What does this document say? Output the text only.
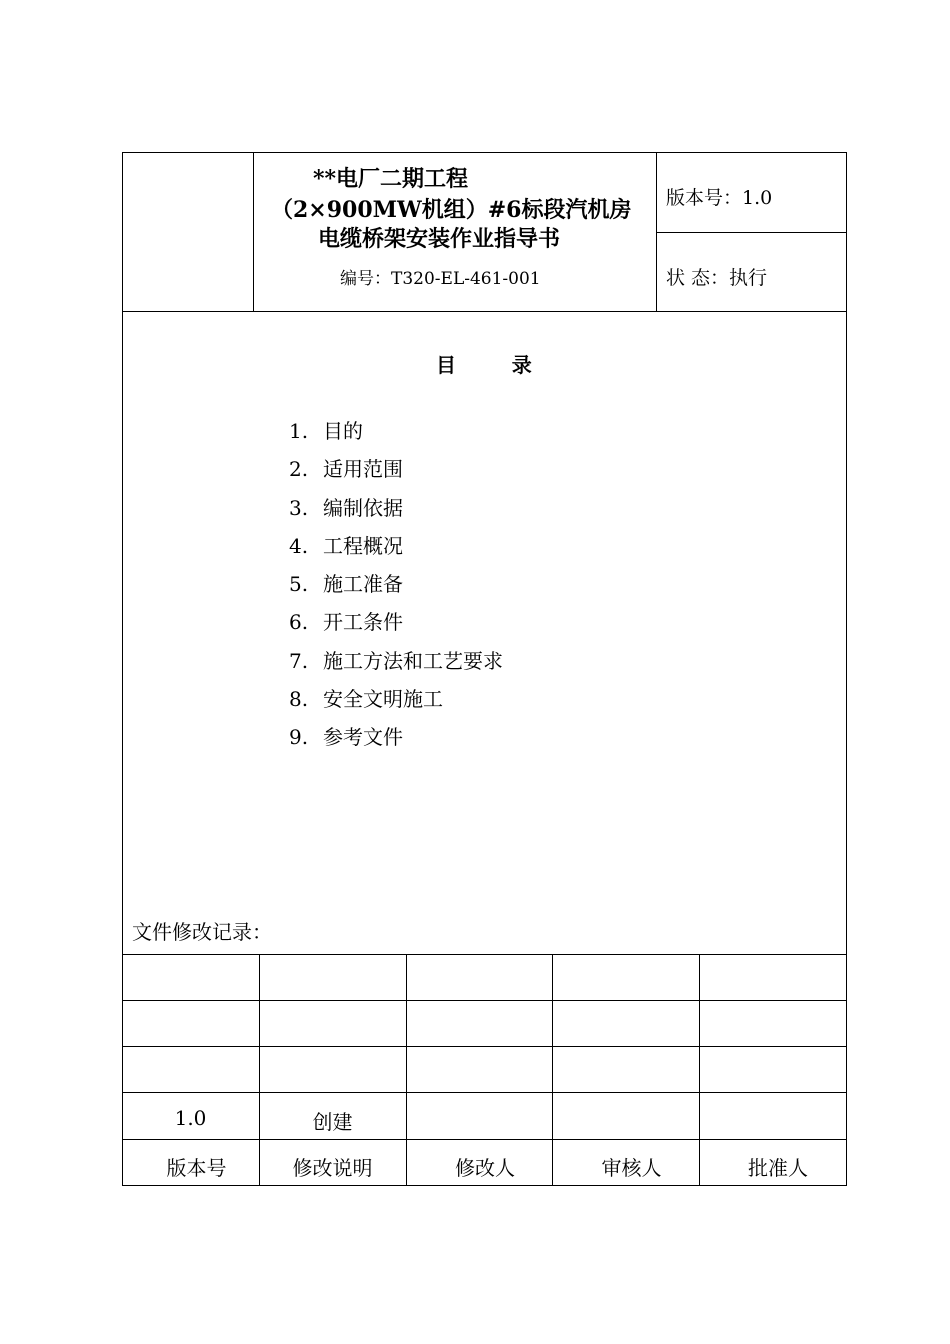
**电厂二期工程
（2×900MW机组）#6标段汽机房
电缆桥架安装作业指导书
编号：T320-EL-461-001
版本号：1.0
状 态：执行
目        录
1. 目的
2. 适用范围
3. 编制依据
4. 工程概况
5. 施工准备
6. 开工条件
7. 施工方法和工艺要求
8. 安全文明施工
9. 参考文件
文件修改记录：
1.0	创建
版本号	修改说明	修改人	审核人	批准人
